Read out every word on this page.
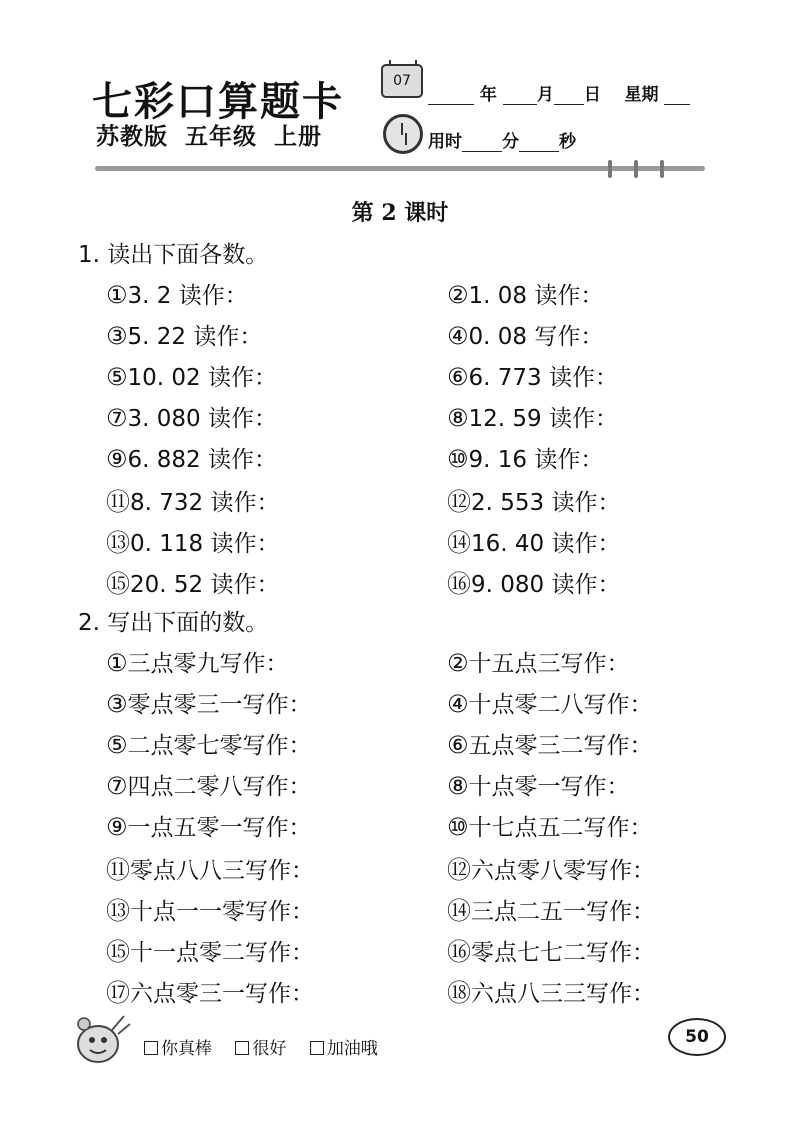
七彩口算题卡
苏教版 五年级 上册
07
年 月 日 星期
用时 分 秒
第 2 课时
1. 读出下面各数。
①3. 2 读作：	②1. 08 读作：
③5. 22 读作：	④0. 08 写作：
⑤10. 02 读作：	⑥6. 773 读作：
⑦3. 080 读作：	⑧12. 59 读作：
⑨6. 882 读作：	⑩9. 16 读作：
⑪8. 732 读作：	⑫2. 553 读作：
⑬0. 118 读作：	⑭16. 40 读作：
⑮20. 52 读作：	⑯9. 080 读作：
2. 写出下面的数。
①三点零九写作：	②十五点三写作：
③零点零三一写作：	④十点零二八写作：
⑤二点零七零写作：	⑥五点零三二写作：
⑦四点二零八写作：	⑧十点零一写作：
⑨一点五零一写作：	⑩十七点五二写作：
⑪零点八八三写作：	⑫六点零八零写作：
⑬十点一一零写作：	⑭三点二五一写作：
⑮十一点零二写作：	⑯零点七七二写作：
⑰六点零三一写作：	⑱六点八三三写作：
你真棒 很好 加油哦
50
